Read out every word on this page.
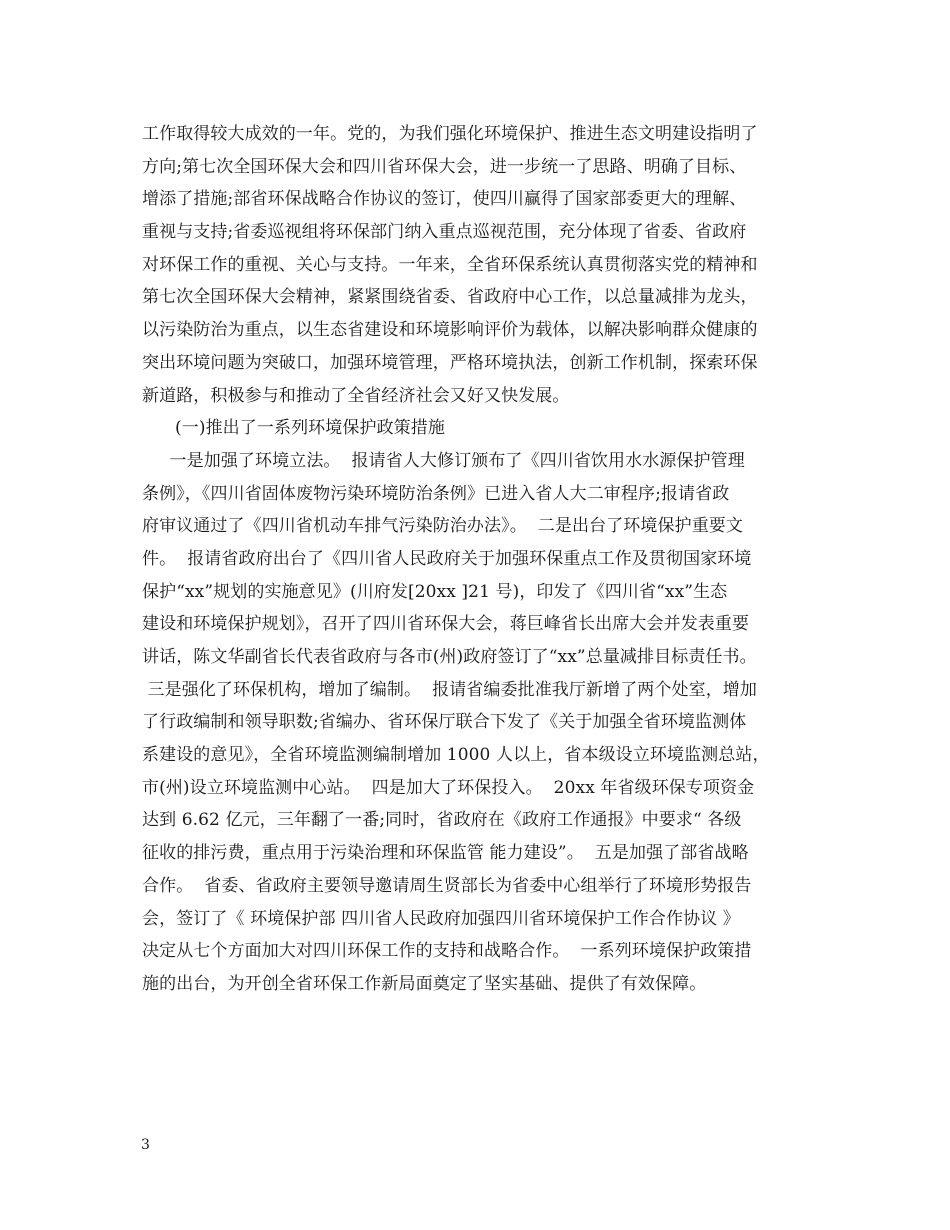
工作取得较大成效的一年。党的，为我们强化环境保护、推进生态文明建设指明了
方向;第七次全国环保大会和四川省环保大会，进一步统一了思路、明确了目标、
增添了措施;部省环保战略合作协议的签订，使四川赢得了国家部委更大的理解、
重视与支持;省委巡视组将环保部门纳入重点巡视范围，充分体现了省委、省政府
对环保工作的重视、关心与支持。一年来，全省环保系统认真贯彻落实党的精神和
第七次全国环保大会精神，紧紧围绕省委、省政府中心工作，以总量减排为龙头，
以污染防治为重点，以生态省建设和环境影响评价为载体，以解决影响群众健康的
突出环境问题为突破口，加强环境管理，严格环境执法，创新工作机制，探索环保
新道路，积极参与和推动了全省经济社会又好又快发展。
(一)推出了一系列环境保护政策措施
一是加强了环境立法。  报请省人大修订颁布了《四川省饮用水水源保护管理
条例》，《四川省固体废物污染环境防治条例》已进入省人大二审程序;报请省政
府审议通过了《四川省机动车排气污染防治办法》。  二是出台了环境保护重要文
件。  报请省政府出台了《四川省人民政府关于加强环保重点工作及贯彻国家环境
保护“xx”规划的实施意见》(川府发[20xx ]21 号)，印发了《四川省“xx”生态
建设和环境保护规划》，召开了四川省环保大会，蒋巨峰省长出席大会并发表重要
讲话，陈文华副省长代表省政府与各市(州)政府签订了“xx”总量减排目标责任书。
三是强化了环保机构，增加了编制。  报请省编委批准我厅新增了两个处室，增加
了行政编制和领导职数;省编办、省环保厅联合下发了《关于加强全省环境监测体
系建设的意见》，全省环境监测编制增加 1000 人以上，省本级设立环境监测总站，
市(州)设立环境监测中心站。  四是加大了环保投入。  20xx 年省级环保专项资金
达到 6.62 亿元，三年翻了一番;同时，省政府在《政府工作通报》中要求“ 各级
征收的排污费，重点用于污染治理和环保监管 能力建设”。  五是加强了部省战略
合作。  省委、省政府主要领导邀请周生贤部长为省委中心组举行了环境形势报告
会，签订了《 环境保护部 四川省人民政府加强四川省环境保护工作合作协议 》
决定从七个方面加大对四川环保工作的支持和战略合作。  一系列环境保护政策措
施的出台，为开创全省环保工作新局面奠定了坚实基础、提供了有效保障。
3
